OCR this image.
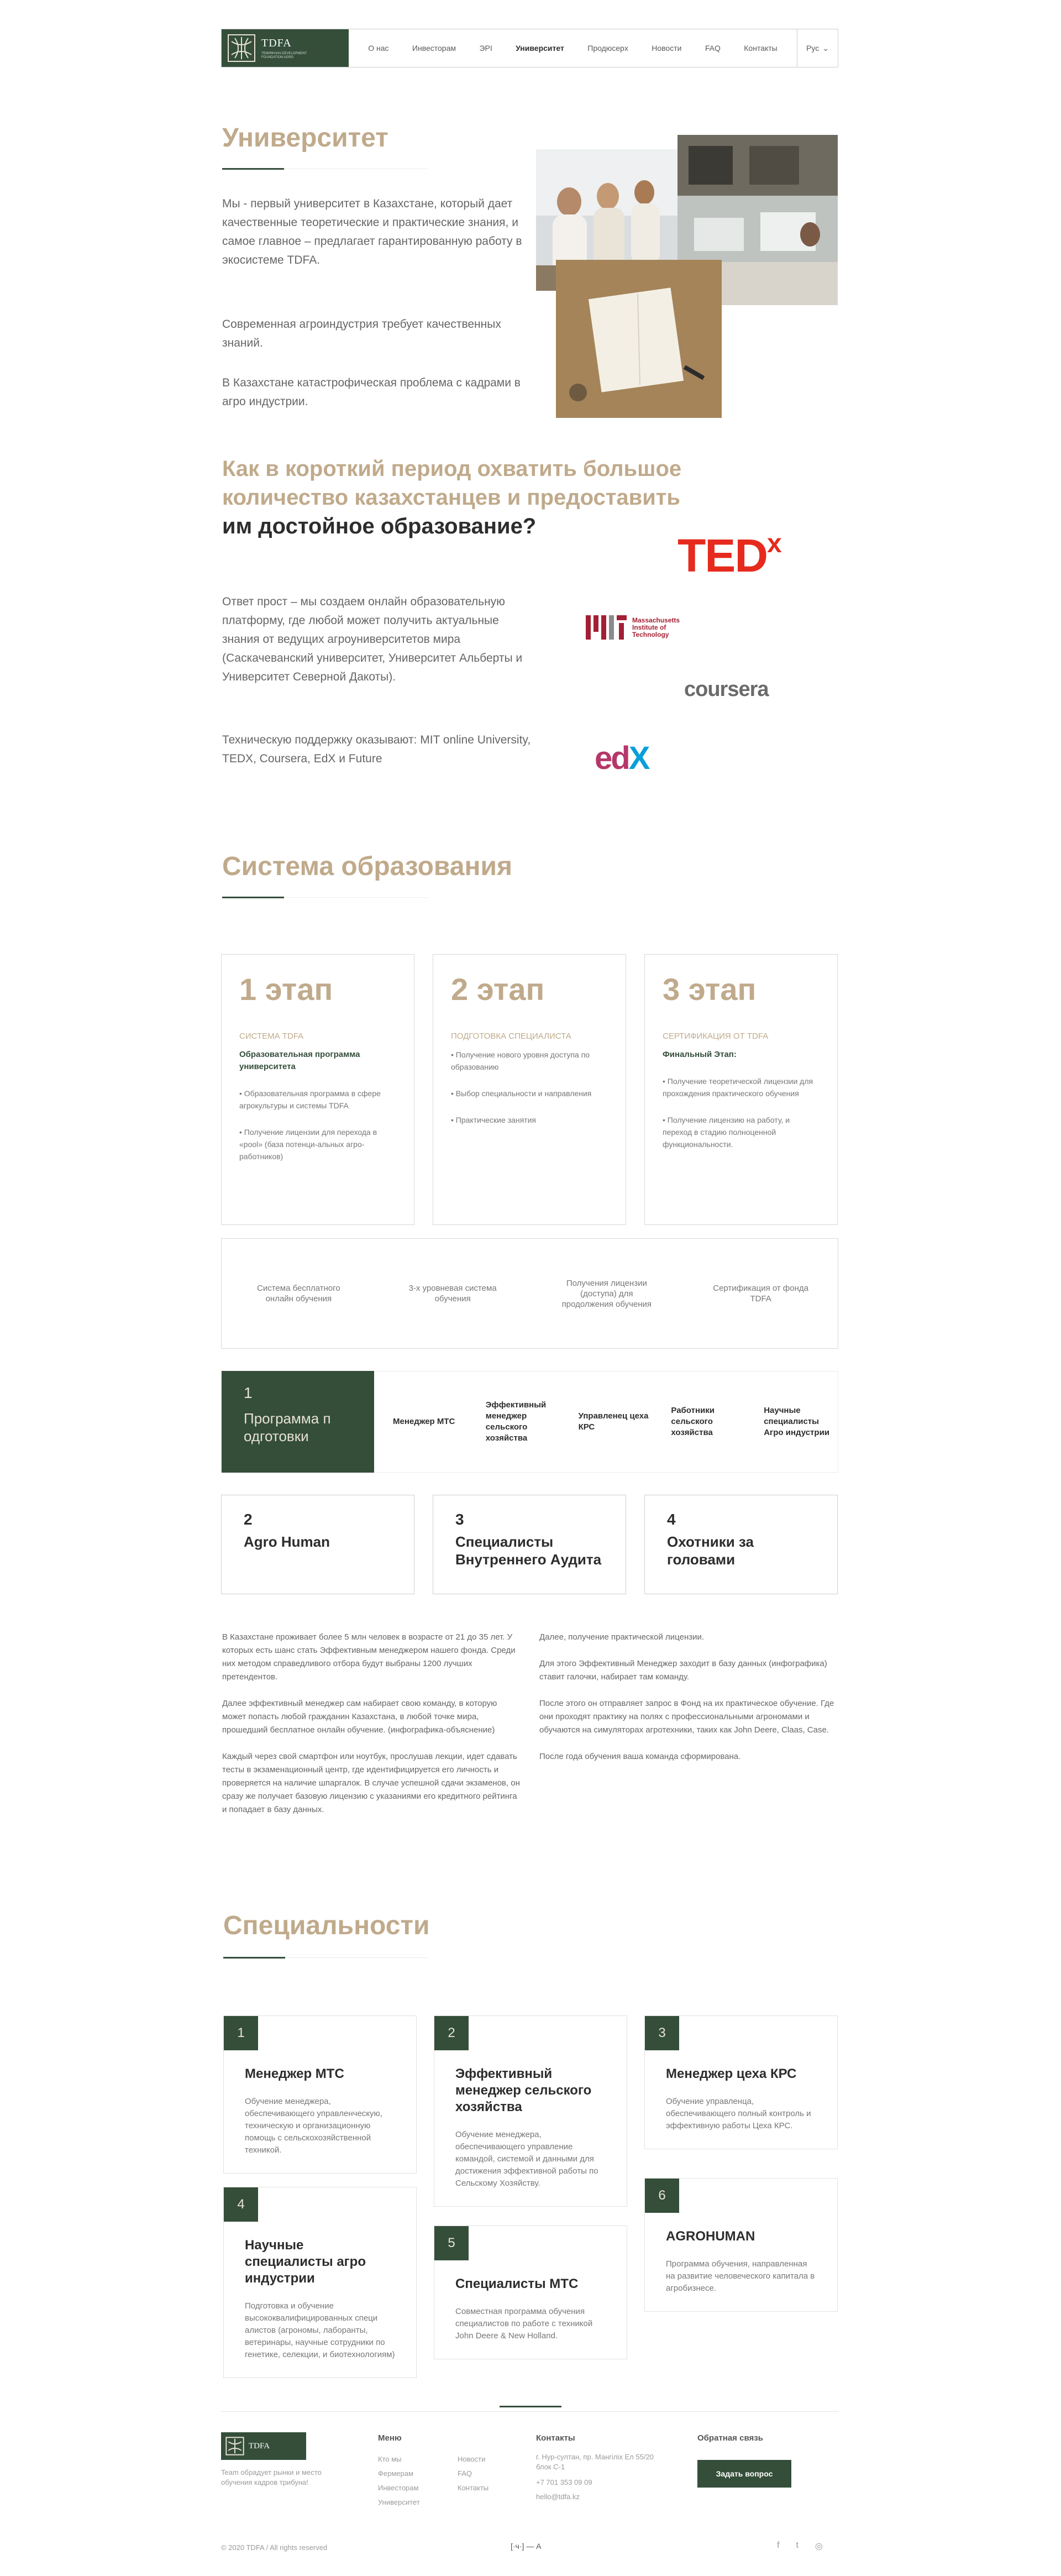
TDFA
TEMIRKHAN DEVELOPMENT FOUNDATION AGRO
О нас	Инвесторам	ЭРI	Университет	Продюсерx	Новости	FAQ	Контакты	Рус ⌄
Университет
Мы - первый университет в Казахстане, который дает качественные теоретические и практические знания, и самое главное – предлагает гарантированную работу в экосистеме TDFA.
Современная агроиндустрия требует качественных знаний.
В Казахстане катастрофическая проблема с кадрами в агро индустрии.
Как в короткий период охватить большое количество казахстанцев и предоставить им достойное образование?
Ответ прост – мы создаем онлайн образовательную платформу, где любой может получить актуальные знания от ведущих агроуниверситетов мира (Саскачеванский университет, Университет Альберты и Университет Северной Дакоты).
Техническую поддержку оказывают: MIT online University, TEDX, Coursera, EdX и Future
TED x
Massachusetts Institute of Technology
coursera
ed X
Система образования
1 этап
СИСТЕМА TDFA
Образовательная программа университета
• Образовательная программа в сфере агрокультуры и системы TDFA
• Получение лицензии для перехода в «pool» (база потенци-альных агро-работников)
2 этап
ПОДГОТОВКА СПЕЦИАЛИСТА
• Получение нового уровня доступа по образованию
• Выбор специальности и направления
• Практические занятия
3 этап
СЕРТИФИКАЦИЯ ОТ TDFA
Финальный Этап:
• Получение теоретической лицензии для прохождения практического обучения
• Получение лицензию на работу, и переход в стадию полноценной функциональности.
Система бесплатного онлайн обучения
3-х уровневая система обучения
Получения лицензии (доступа) для продолжения обучения
Сертификация от фонда TDFA
1
Программа п одготовки
Менеджер МТС
Эффективный менеджер сельского хозяйства
Управленец цеха КРС
Работники сельского хозяйства
Научные специалисты Агро индустрии
2
Agro Human
3
Специалисты Внутреннего Аудита
4
Охотники за головами

В Казахстане проживает более 5 млн человек в возрасте от 21 до 35 лет. У которых есть шанс стать Эффективным менеджером нашего фонда. Среди них методом справедливого отбора будут выбраны 1200 лучших претендентов.

Далее эффективный менеджер сам набирает свою команду, в которую может попасть любой гражданин Казахстана, в любой точке мира, прошедший бесплатное онлайн обучение. (инфографика-объяснение)

Каждый через свой смартфон или ноутбук, прослушав лекции, идет сдавать тесты в экзаменационный центр, где идентифицируется его личность и проверяется на наличие шпаргалок. В случае успешной сдачи экзаменов, он сразу же получает базовую лицензию с указаниями его кредитного рейтинга и попадает в базу данных.

Далее, получение практической лицензии.

Для этого Эффективный Менеджер заходит в базу данных (инфографика) ставит галочки, набирает там команду.

После этого он отправляет запрос в Фонд на их практическое обучение. Где они проходят практику на полях с профессиональными агрономами и обучаются на симуляторах агротехники, таких как John Deere, Claas, Case.

После года обучения ваша команда сформирована.

Специальности
1
Менеджер МТС
Обучение менеджера, обеспечивающего управленческую, техническую и организационную помощь с сельскохозяйственной техникой.
2
Эффективный менеджер сельского хозяйства
Обучение менеджера, обеспечивающего управление командой, системой и данными для достижения эффективной работы по Сельскому Хозяйству.
3
Менеджер цеха КРС
Обучение управленца, обеспечивающего полный контроль и эффективную работы Цеха КРС.
4
Научные специалисты агро индустрии
Подготовка и обучение высококвалифицированных специ алистов (агрономы, лаборанты, ветеринары, научные сотрудники по генетике, селекции, и биотехнологиям)
5
Специалисты МТС
Совместная программа обучения специалистов по работе с техникой John Deere & New Holland.
6
AGROHUMAN
Программа обучения, направленная на развитие человеческого капитала в агробизнесе.
TDFA
Team обрадует рынки и место обучения кадров трибуна!
Меню
Кто мы
Фермерам
Инвесторам
Университет
Новости
FAQ
Контакты
Контакты
г. Нур-султан, пр. Мангіліх Ел 55/20 блок С-1
+7 701 353 09 09
hello@tdfa.kz
Обратная связь
Задать вопрос
© 2020 TDFA / All rights reserved	[·ч·] — A	f t ◎
